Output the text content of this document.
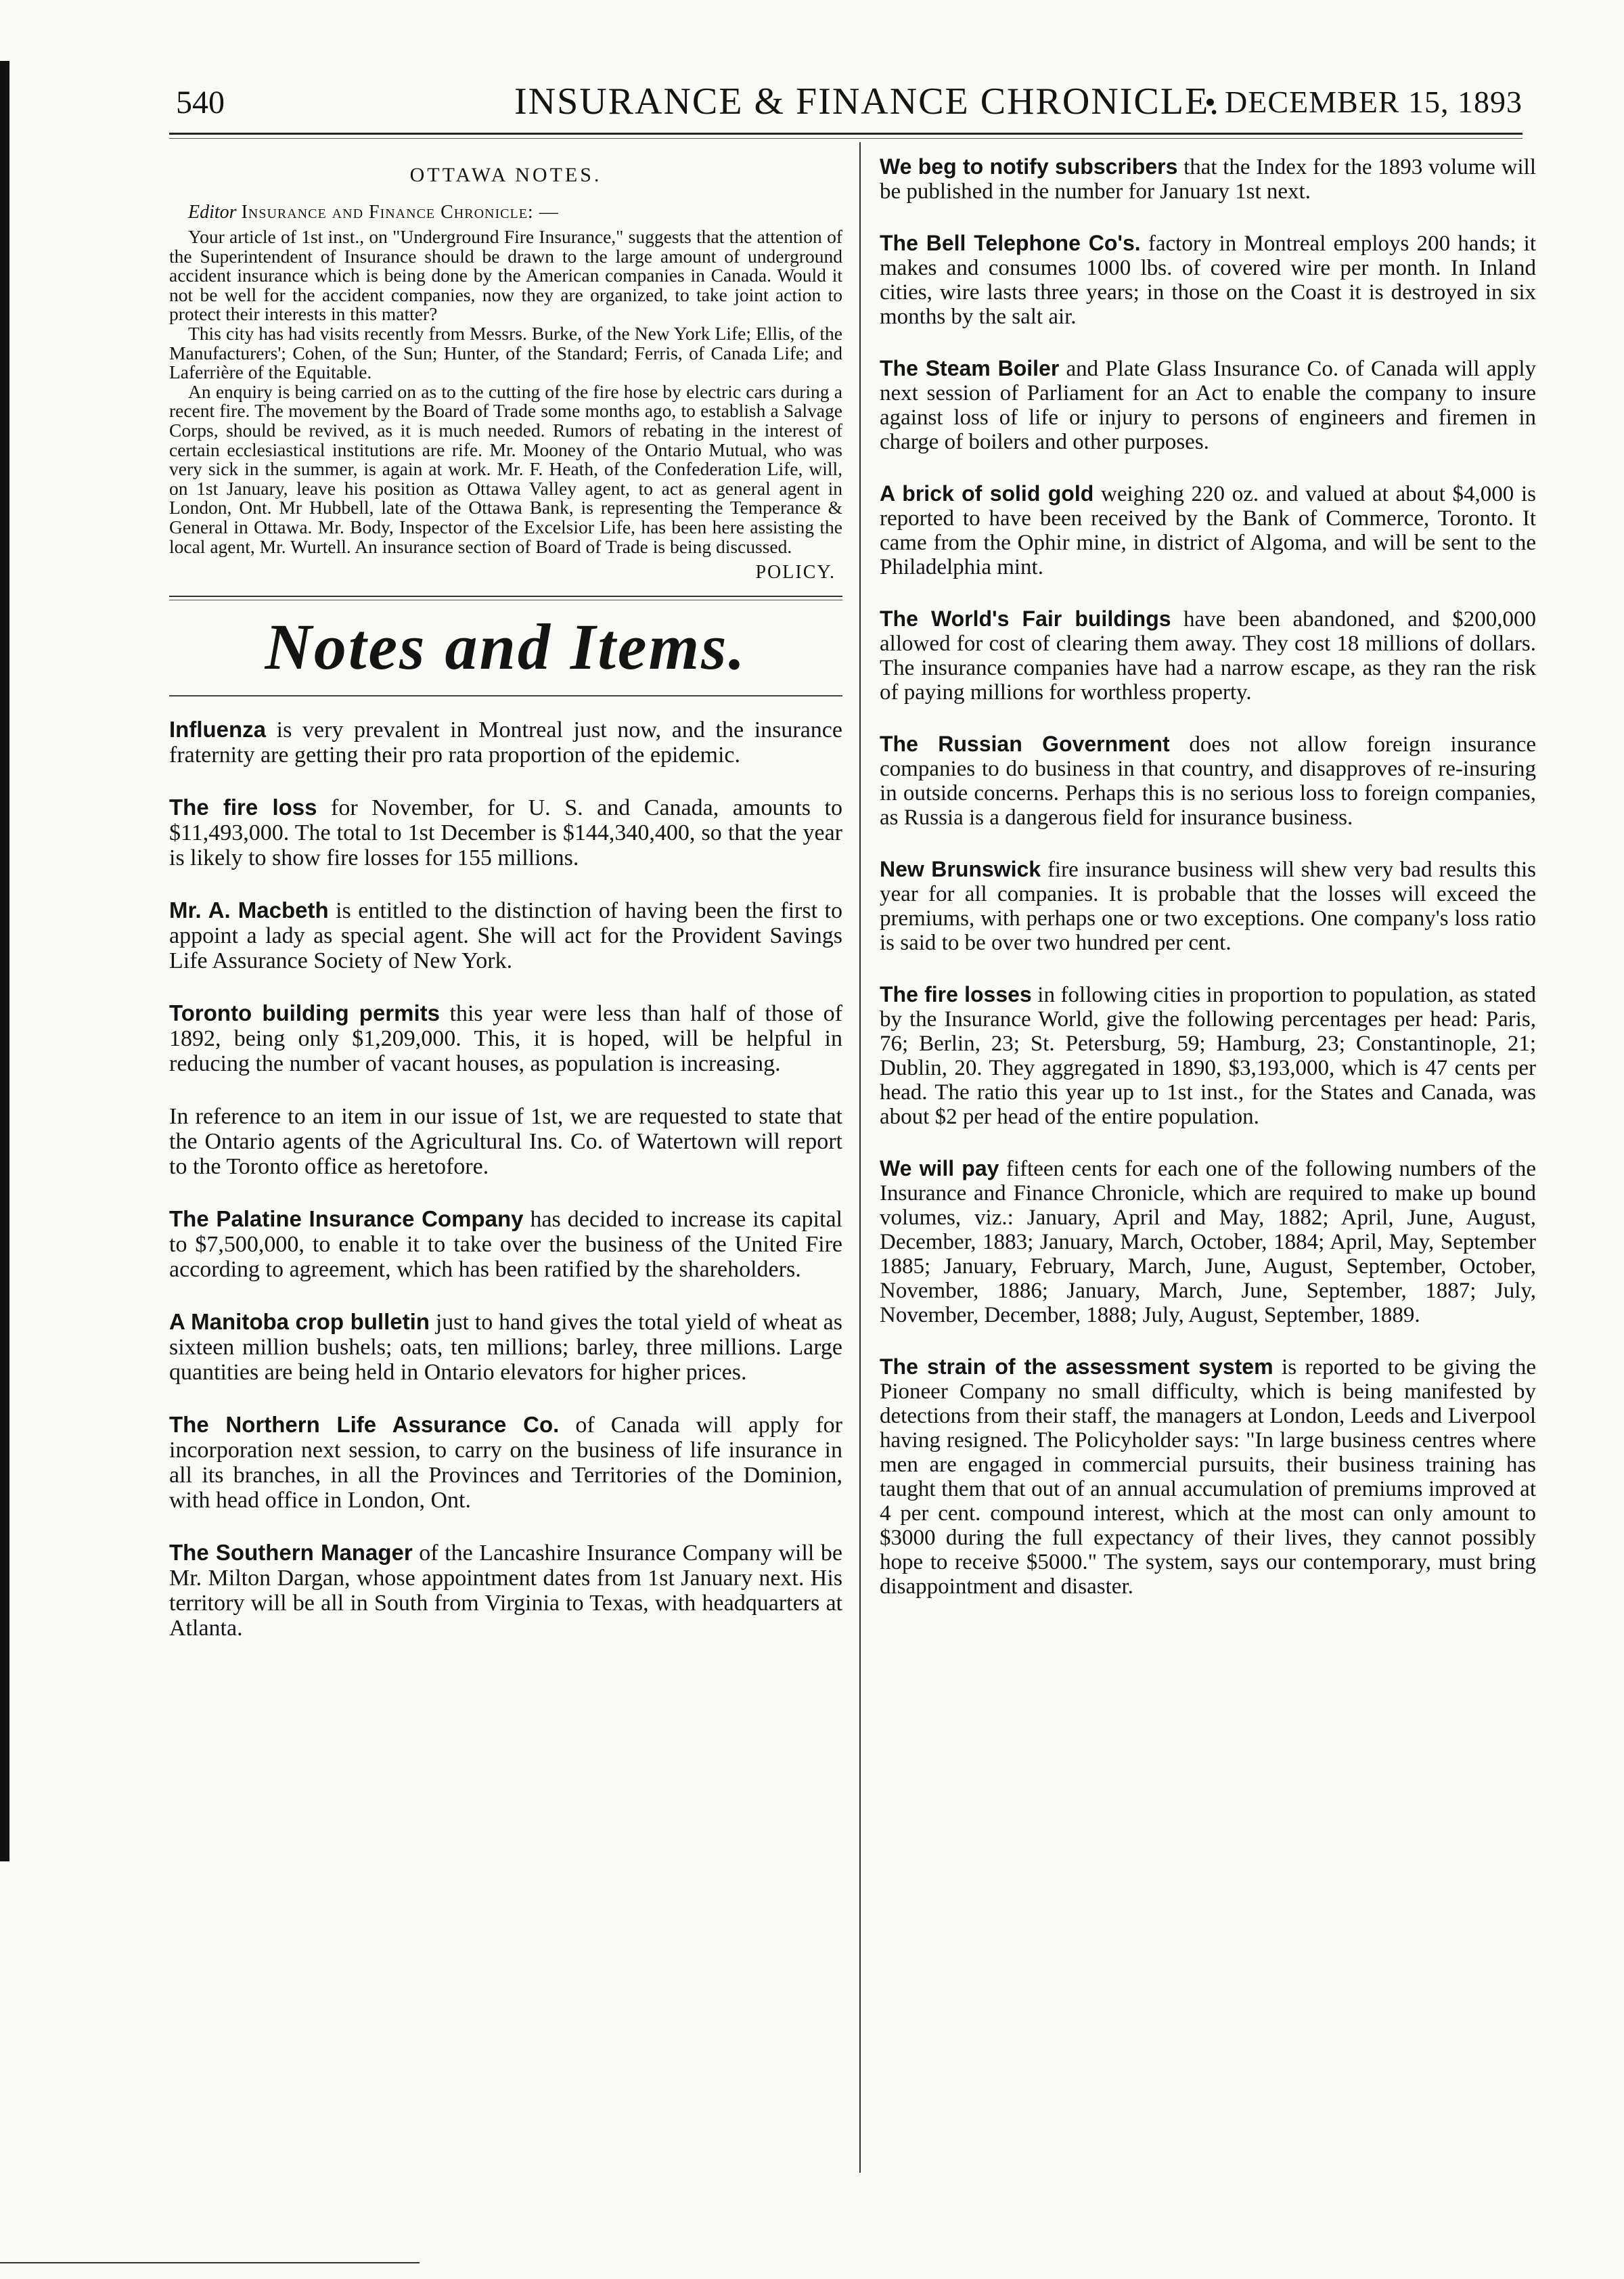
540	INSURANCE & FINANCE CHRONICLE.
• DECEMBER 15, 1893
OTTAWA NOTES.
Editor Insurance and Finance Chronicle: —

Your article of 1st inst., on "Underground Fire Insurance," suggests that the attention of the Superintendent of Insurance should be drawn to the large amount of underground accident insurance which is being done by the American companies in Canada. Would it not be well for the accident companies, now they are organized, to take joint action to protect their interests in this matter?

This city has had visits recently from Messrs. Burke, of the New York Life; Ellis, of the Manufacturers'; Cohen, of the Sun; Hunter, of the Standard; Ferris, of Canada Life; and Laferrière of the Equitable.

An enquiry is being carried on as to the cutting of the fire hose by electric cars during a recent fire. The movement by the Board of Trade some months ago, to establish a Salvage Corps, should be revived, as it is much needed. Rumors of rebating in the interest of certain ecclesiastical institutions are rife. Mr. Mooney of the Ontario Mutual, who was very sick in the summer, is again at work. Mr. F. Heath, of the Confederation Life, will, on 1st January, leave his position as Ottawa Valley agent, to act as general agent in London, Ont. Mr Hubbell, late of the Ottawa Bank, is representing the Temperance & General in Ottawa. Mr. Body, Inspector of the Excelsior Life, has been here assisting the local agent, Mr. Wurtell. An insurance section of Board of Trade is being discussed.

POLICY.
Notes and Items.
Influenza is very prevalent in Montreal just now, and the insurance fraternity are getting their pro rata proportion of the epidemic.
The fire loss for November, for U. S. and Canada, amounts to $11,493,000. The total to 1st December is $144,340,400, so that the year is likely to show fire losses for 155 millions.
Mr. A. Macbeth is entitled to the distinction of having been the first to appoint a lady as special agent. She will act for the Provident Savings Life Assurance Society of New York.
Toronto building permits this year were less than half of those of 1892, being only $1,209,000. This, it is hoped, will be helpful in reducing the number of vacant houses, as population is increasing.
In reference to an item in our issue of 1st, we are requested to state that the Ontario agents of the Agricultural Ins. Co. of Watertown will report to the Toronto office as heretofore.
The Palatine Insurance Company has decided to increase its capital to $7,500,000, to enable it to take over the business of the United Fire according to agreement, which has been ratified by the shareholders.
A Manitoba crop bulletin just to hand gives the total yield of wheat as sixteen million bushels; oats, ten millions; barley, three millions. Large quantities are being held in Ontario elevators for higher prices.
The Northern Life Assurance Co. of Canada will apply for incorporation next session, to carry on the business of life insurance in all its branches, in all the Provinces and Territories of the Dominion, with head office in London, Ont.
The Southern Manager of the Lancashire Insurance Company will be Mr. Milton Dargan, whose appointment dates from 1st January next. His territory will be all in South from Virginia to Texas, with headquarters at Atlanta.
We beg to notify subscribers that the Index for the 1893 volume will be published in the number for January 1st next.
The Bell Telephone Co's. factory in Montreal employs 200 hands; it makes and consumes 1000 lbs. of covered wire per month. In Inland cities, wire lasts three years; in those on the Coast it is destroyed in six months by the salt air.
The Steam Boiler and Plate Glass Insurance Co. of Canada will apply next session of Parliament for an Act to enable the company to insure against loss of life or injury to persons of engineers and firemen in charge of boilers and other purposes.
A brick of solid gold weighing 220 oz. and valued at about $4,000 is reported to have been received by the Bank of Commerce, Toronto. It came from the Ophir mine, in district of Algoma, and will be sent to the Philadelphia mint.
The World's Fair buildings have been abandoned, and $200,000 allowed for cost of clearing them away. They cost 18 millions of dollars. The insurance companies have had a narrow escape, as they ran the risk of paying millions for worthless property.
The Russian Government does not allow foreign insurance companies to do business in that country, and disapproves of re-insuring in outside concerns. Perhaps this is no serious loss to foreign companies, as Russia is a dangerous field for insurance business.
New Brunswick fire insurance business will shew very bad results this year for all companies. It is probable that the losses will exceed the premiums, with perhaps one or two exceptions. One company's loss ratio is said to be over two hundred per cent.
The fire losses in following cities in proportion to population, as stated by the Insurance World, give the following percentages per head: Paris, 76; Berlin, 23; St. Petersburg, 59; Hamburg, 23; Constantinople, 21; Dublin, 20. They aggregated in 1890, $3,193,000, which is 47 cents per head. The ratio this year up to 1st inst., for the States and Canada, was about $2 per head of the entire population.
We will pay fifteen cents for each one of the following numbers of the Insurance and Finance Chronicle, which are required to make up bound volumes, viz.: January, April and May, 1882; April, June, August, December, 1883; January, March, October, 1884; April, May, September 1885; January, February, March, June, August, September, October, November, 1886; January, March, June, September, 1887; July, November, December, 1888; July, August, September, 1889.
The strain of the assessment system is reported to be giving the Pioneer Company no small difficulty, which is being manifested by detections from their staff, the managers at London, Leeds and Liverpool having resigned. The Policyholder says: "In large business centres where men are engaged in commercial pursuits, their business training has taught them that out of an annual accumulation of premiums improved at 4 per cent. compound interest, which at the most can only amount to $3000 during the full expectancy of their lives, they cannot possibly hope to receive $5000." The system, says our contemporary, must bring disappointment and disaster.
